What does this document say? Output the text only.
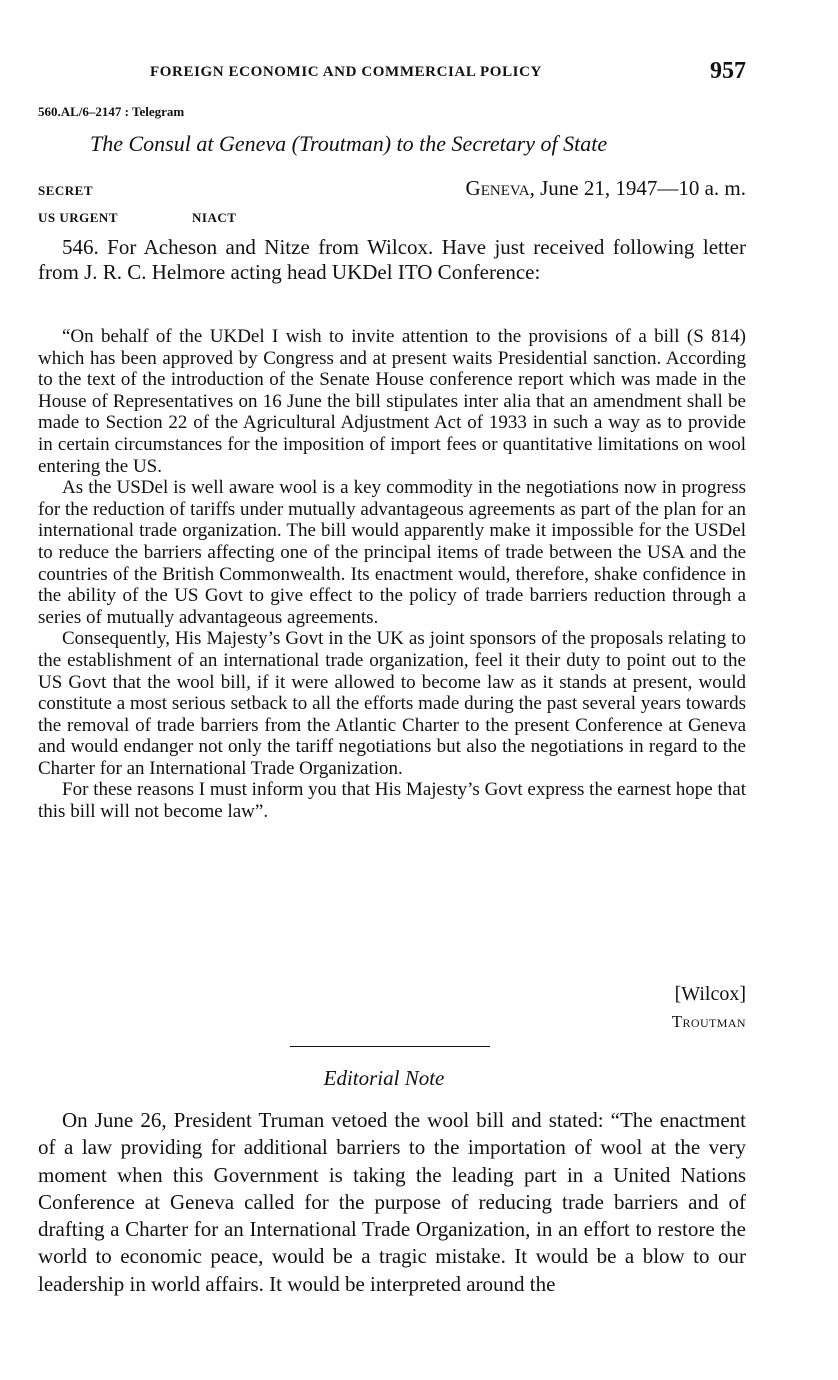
FOREIGN ECONOMIC AND COMMERCIAL POLICY	957
560.AL/6–2147 : Telegram
The Consul at Geneva (Troutman) to the Secretary of State
SECRET
US URGENT	NIACT
Geneva, June 21, 1947—10 a. m.

546. For Acheson and Nitze from Wilcox. Have just received following letter from J. R. C. Helmore acting head UKDel ITO Conference:

“On behalf of the UKDel I wish to invite attention to the provisions of a bill (S 814) which has been approved by Congress and at present waits Presidential sanction. According to the text of the introduction of the Senate House conference report which was made in the House of Representatives on 16 June the bill stipulates inter alia that an amendment shall be made to Section 22 of the Agricultural Adjustment Act of 1933 in such a way as to provide in certain circumstances for the imposition of import fees or quantitative limitations on wool entering the US.

As the USDel is well aware wool is a key commodity in the negotiations now in progress for the reduction of tariffs under mutually advantageous agreements as part of the plan for an international trade organization. The bill would apparently make it impossible for the USDel to reduce the barriers affecting one of the principal items of trade between the USA and the countries of the British Commonwealth. Its enactment would, therefore, shake confidence in the ability of the US Govt to give effect to the policy of trade barriers reduction through a series of mutually advantageous agreements.

Consequently, His Majesty’s Govt in the UK as joint sponsors of the proposals relating to the establishment of an international trade organization, feel it their duty to point out to the US Govt that the wool bill, if it were allowed to become law as it stands at present, would constitute a most serious setback to all the efforts made during the past several years towards the removal of trade barriers from the Atlantic Charter to the present Conference at Geneva and would endanger not only the tariff negotiations but also the negotiations in regard to the Charter for an International Trade Organization.

For these reasons I must inform you that His Majesty’s Govt express the earnest hope that this bill will not become law”.

[Wilcox]
Troutman
Editorial Note

On June 26, President Truman vetoed the wool bill and stated: “The enactment of a law providing for additional barriers to the importation of wool at the very moment when this Government is taking the leading part in a United Nations Conference at Geneva called for the purpose of reducing trade barriers and of drafting a Charter for an International Trade Organization, in an effort to restore the world to economic peace, would be a tragic mistake. It would be a blow to our leadership in world affairs. It would be interpreted around the
